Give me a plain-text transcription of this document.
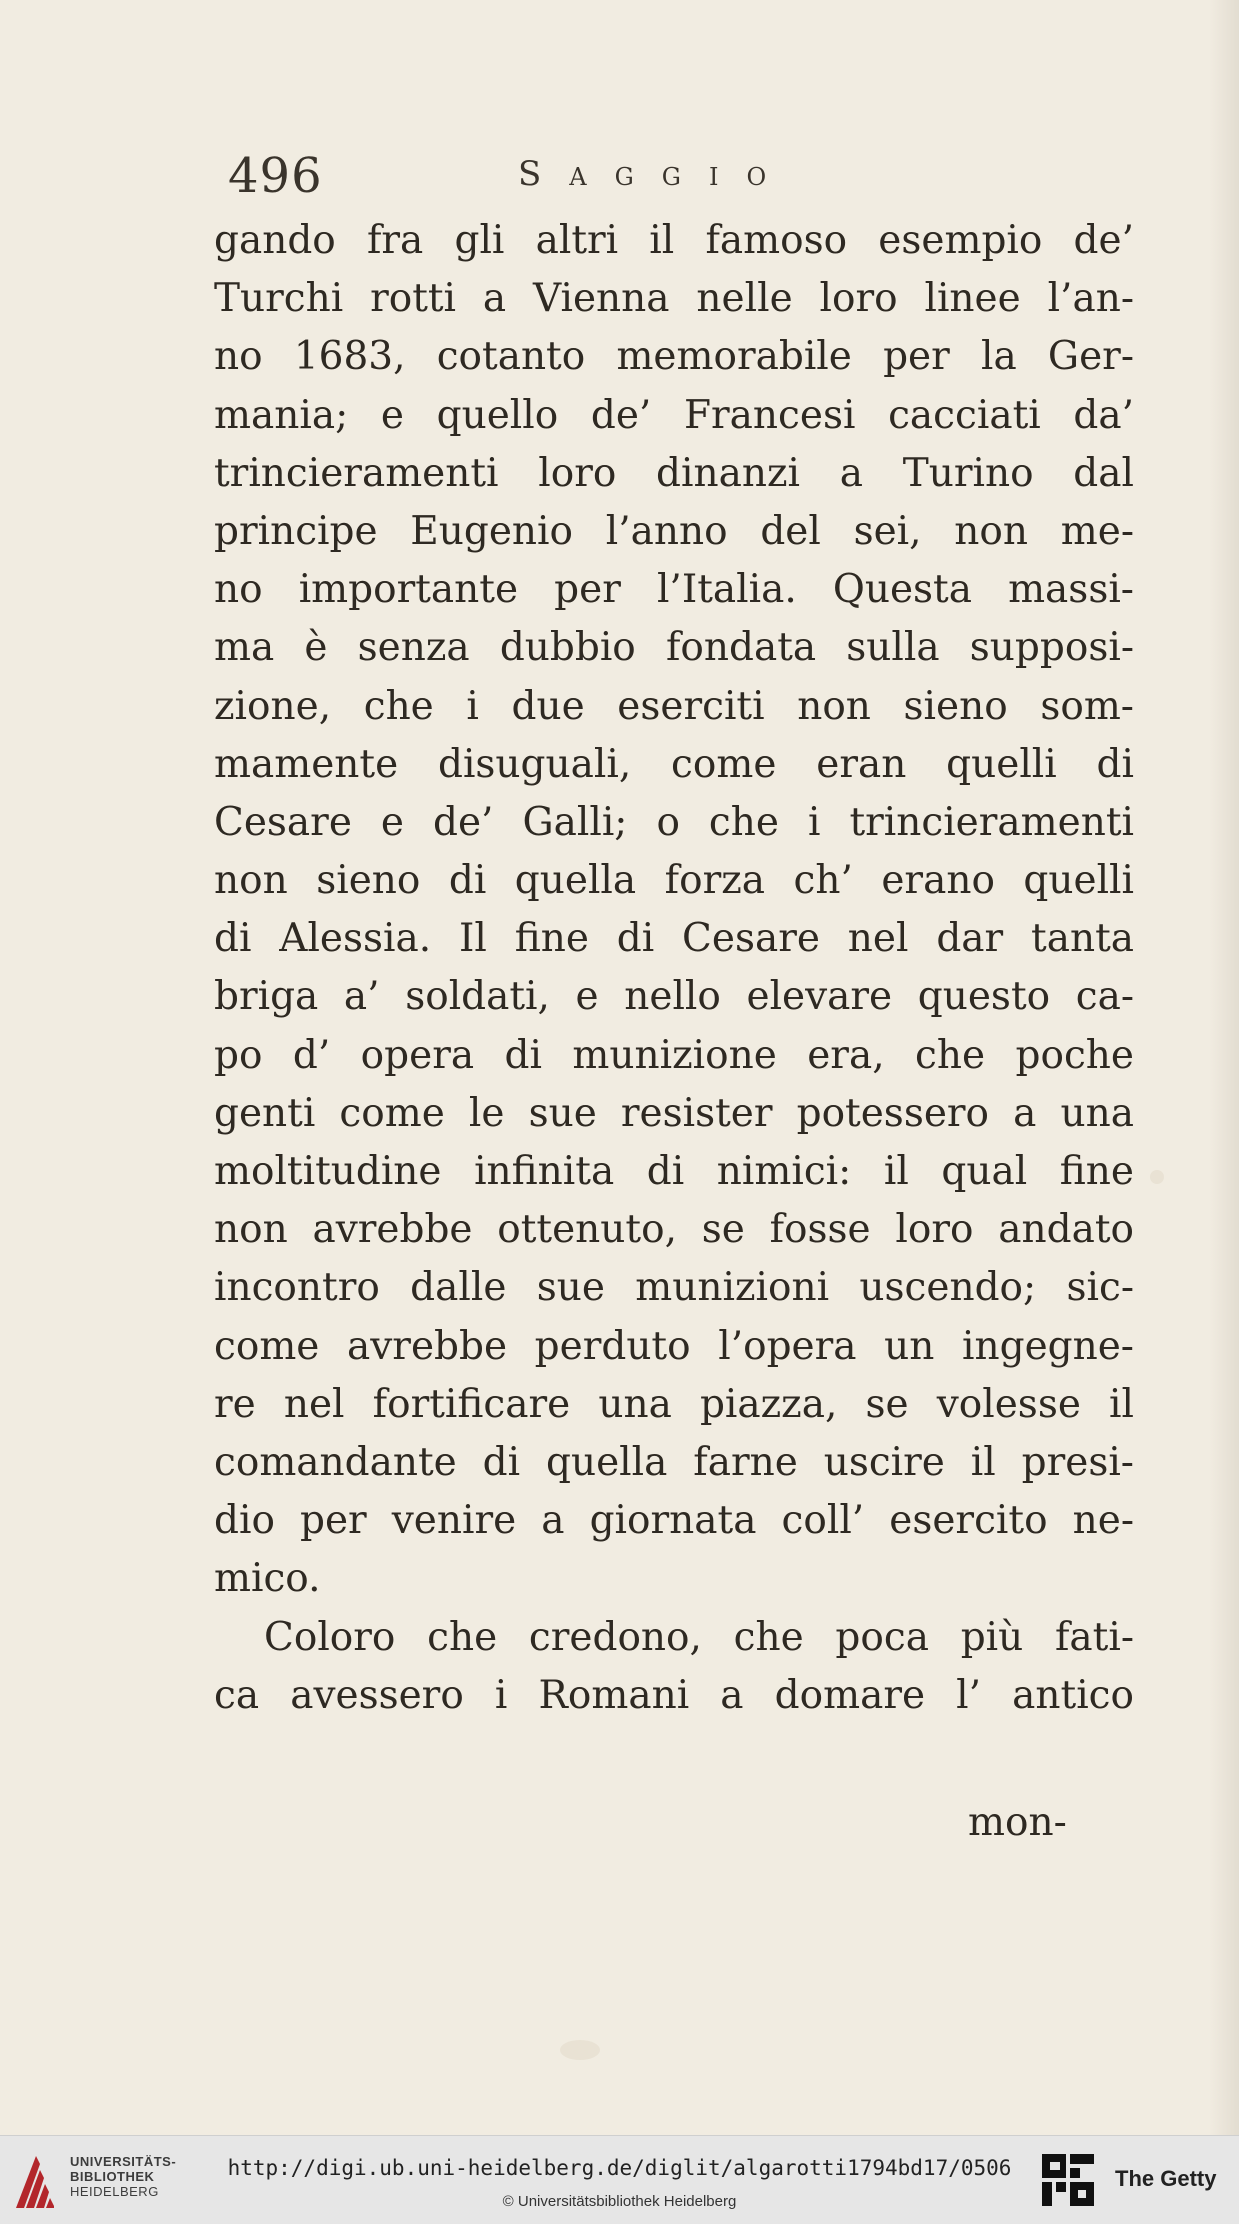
496	Saggio
gando fra gli altri il famoso esempio de’
Turchi rotti a Vienna nelle loro linee l’an-
no 1683, cotanto memorabile per la Ger-
mania; e quello de’ Francesi cacciati da’
trincieramenti loro dinanzi a Turino dal
principe Eugenio l’anno del sei, non me-
no importante per l’Italia. Questa massi-
ma è senza dubbio fondata sulla supposi-
zione, che i due eserciti non sieno som-
mamente disuguali, come eran quelli di
Cesare e de’ Galli; o che i trincieramenti
non sieno di quella forza ch’ erano quelli
di Alessia. Il fine di Cesare nel dar tanta
briga a’ soldati, e nello elevare questo ca-
po d’ opera di munizione era, che poche
genti come le sue resister potessero a una
moltitudine infinita di nimici: il qual fine
non avrebbe ottenuto, se fosse loro andato
incontro dalle sue munizioni uscendo; sic-
come avrebbe perduto l’opera un ingegne-
re nel fortificare una piazza, se volesse il
comandante di quella farne uscire il presi-
dio per venire a giornata coll’ esercito ne-
mico.
Coloro che credono, che poca più fati-
ca avessero i Romani a domare l’ antico
mon-
UNIVERSITÄTS-
BIBLIOTHEK
HEIDELBERG
http://digi.ub.uni-heidelberg.de/diglit/algarotti1794bd17/0506
© Universitätsbibliothek Heidelberg
The Getty
